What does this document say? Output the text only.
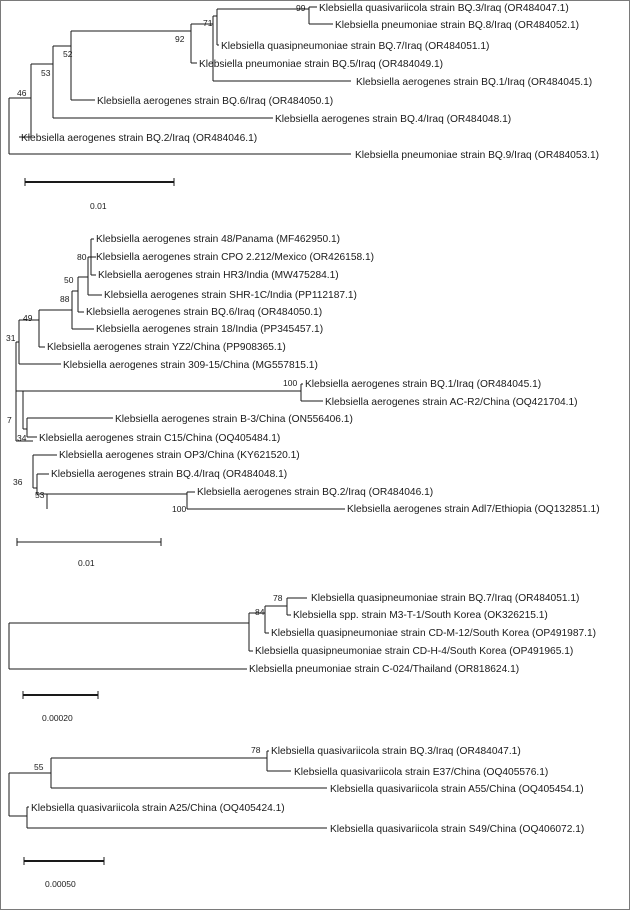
Klebsiella quasivariicola strain BQ.3/Iraq (OR484047.1)
Klebsiella pneumoniae strain BQ.8/Iraq (OR484052.1)
Klebsiella quasipneumoniae strain BQ.7/Iraq (OR484051.1)
Klebsiella pneumoniae strain BQ.5/Iraq (OR484049.1)
Klebsiella aerogenes strain BQ.1/Iraq (OR484045.1)
Klebsiella aerogenes strain BQ.6/Iraq (OR484050.1)
Klebsiella aerogenes strain BQ.4/Iraq (OR484048.1)
Klebsiella aerogenes strain BQ.2/Iraq (OR484046.1)
Klebsiella pneumoniae strain BQ.9/Iraq (OR484053.1)
99
71
92
52
53
46
0.01
Klebsiella aerogenes strain 48/Panama (MF462950.1)
Klebsiella aerogenes strain CPO 2.212/Mexico (OR426158.1)
Klebsiella aerogenes strain HR3/India (MW475284.1)
Klebsiella aerogenes strain SHR-1C/India (PP112187.1)
Klebsiella aerogenes strain BQ.6/Iraq (OR484050.1)
Klebsiella aerogenes strain 18/India (PP345457.1)
Klebsiella aerogenes strain YZ2/China (PP908365.1)
Klebsiella aerogenes strain 309-15/China (MG557815.1)
Klebsiella aerogenes strain BQ.1/Iraq (OR484045.1)
Klebsiella aerogenes strain AC-R2/China (OQ421704.1)
Klebsiella aerogenes strain B-3/China (ON556406.1)
Klebsiella aerogenes strain C15/China (OQ405484.1)
Klebsiella aerogenes strain OP3/China (KY621520.1)
Klebsiella aerogenes strain BQ.4/Iraq (OR484048.1)
Klebsiella aerogenes strain BQ.2/Iraq (OR484046.1)
Klebsiella aerogenes strain Adl7/Ethiopia (OQ132851.1)
80
50
88
49
31
100
7
34
36
53
100
0.01
Klebsiella quasipneumoniae strain BQ.7/Iraq (OR484051.1)
Klebsiella spp. strain M3-T-1/South Korea (OK326215.1)
Klebsiella quasipneumoniae strain CD-M-12/South Korea (OP491987.1)
Klebsiella quasipneumoniae strain CD-H-4/South Korea (OP491965.1)
Klebsiella pneumoniae strain C-024/Thailand (OR818624.1)
78
84
0.00020
Klebsiella quasivariicola strain BQ.3/Iraq (OR484047.1)
Klebsiella quasivariicola strain E37/China (OQ405576.1)
Klebsiella quasivariicola strain A55/China (OQ405454.1)
Klebsiella quasivariicola strain A25/China (OQ405424.1)
Klebsiella quasivariicola strain S49/China (OQ406072.1)
78
55
0.00050
